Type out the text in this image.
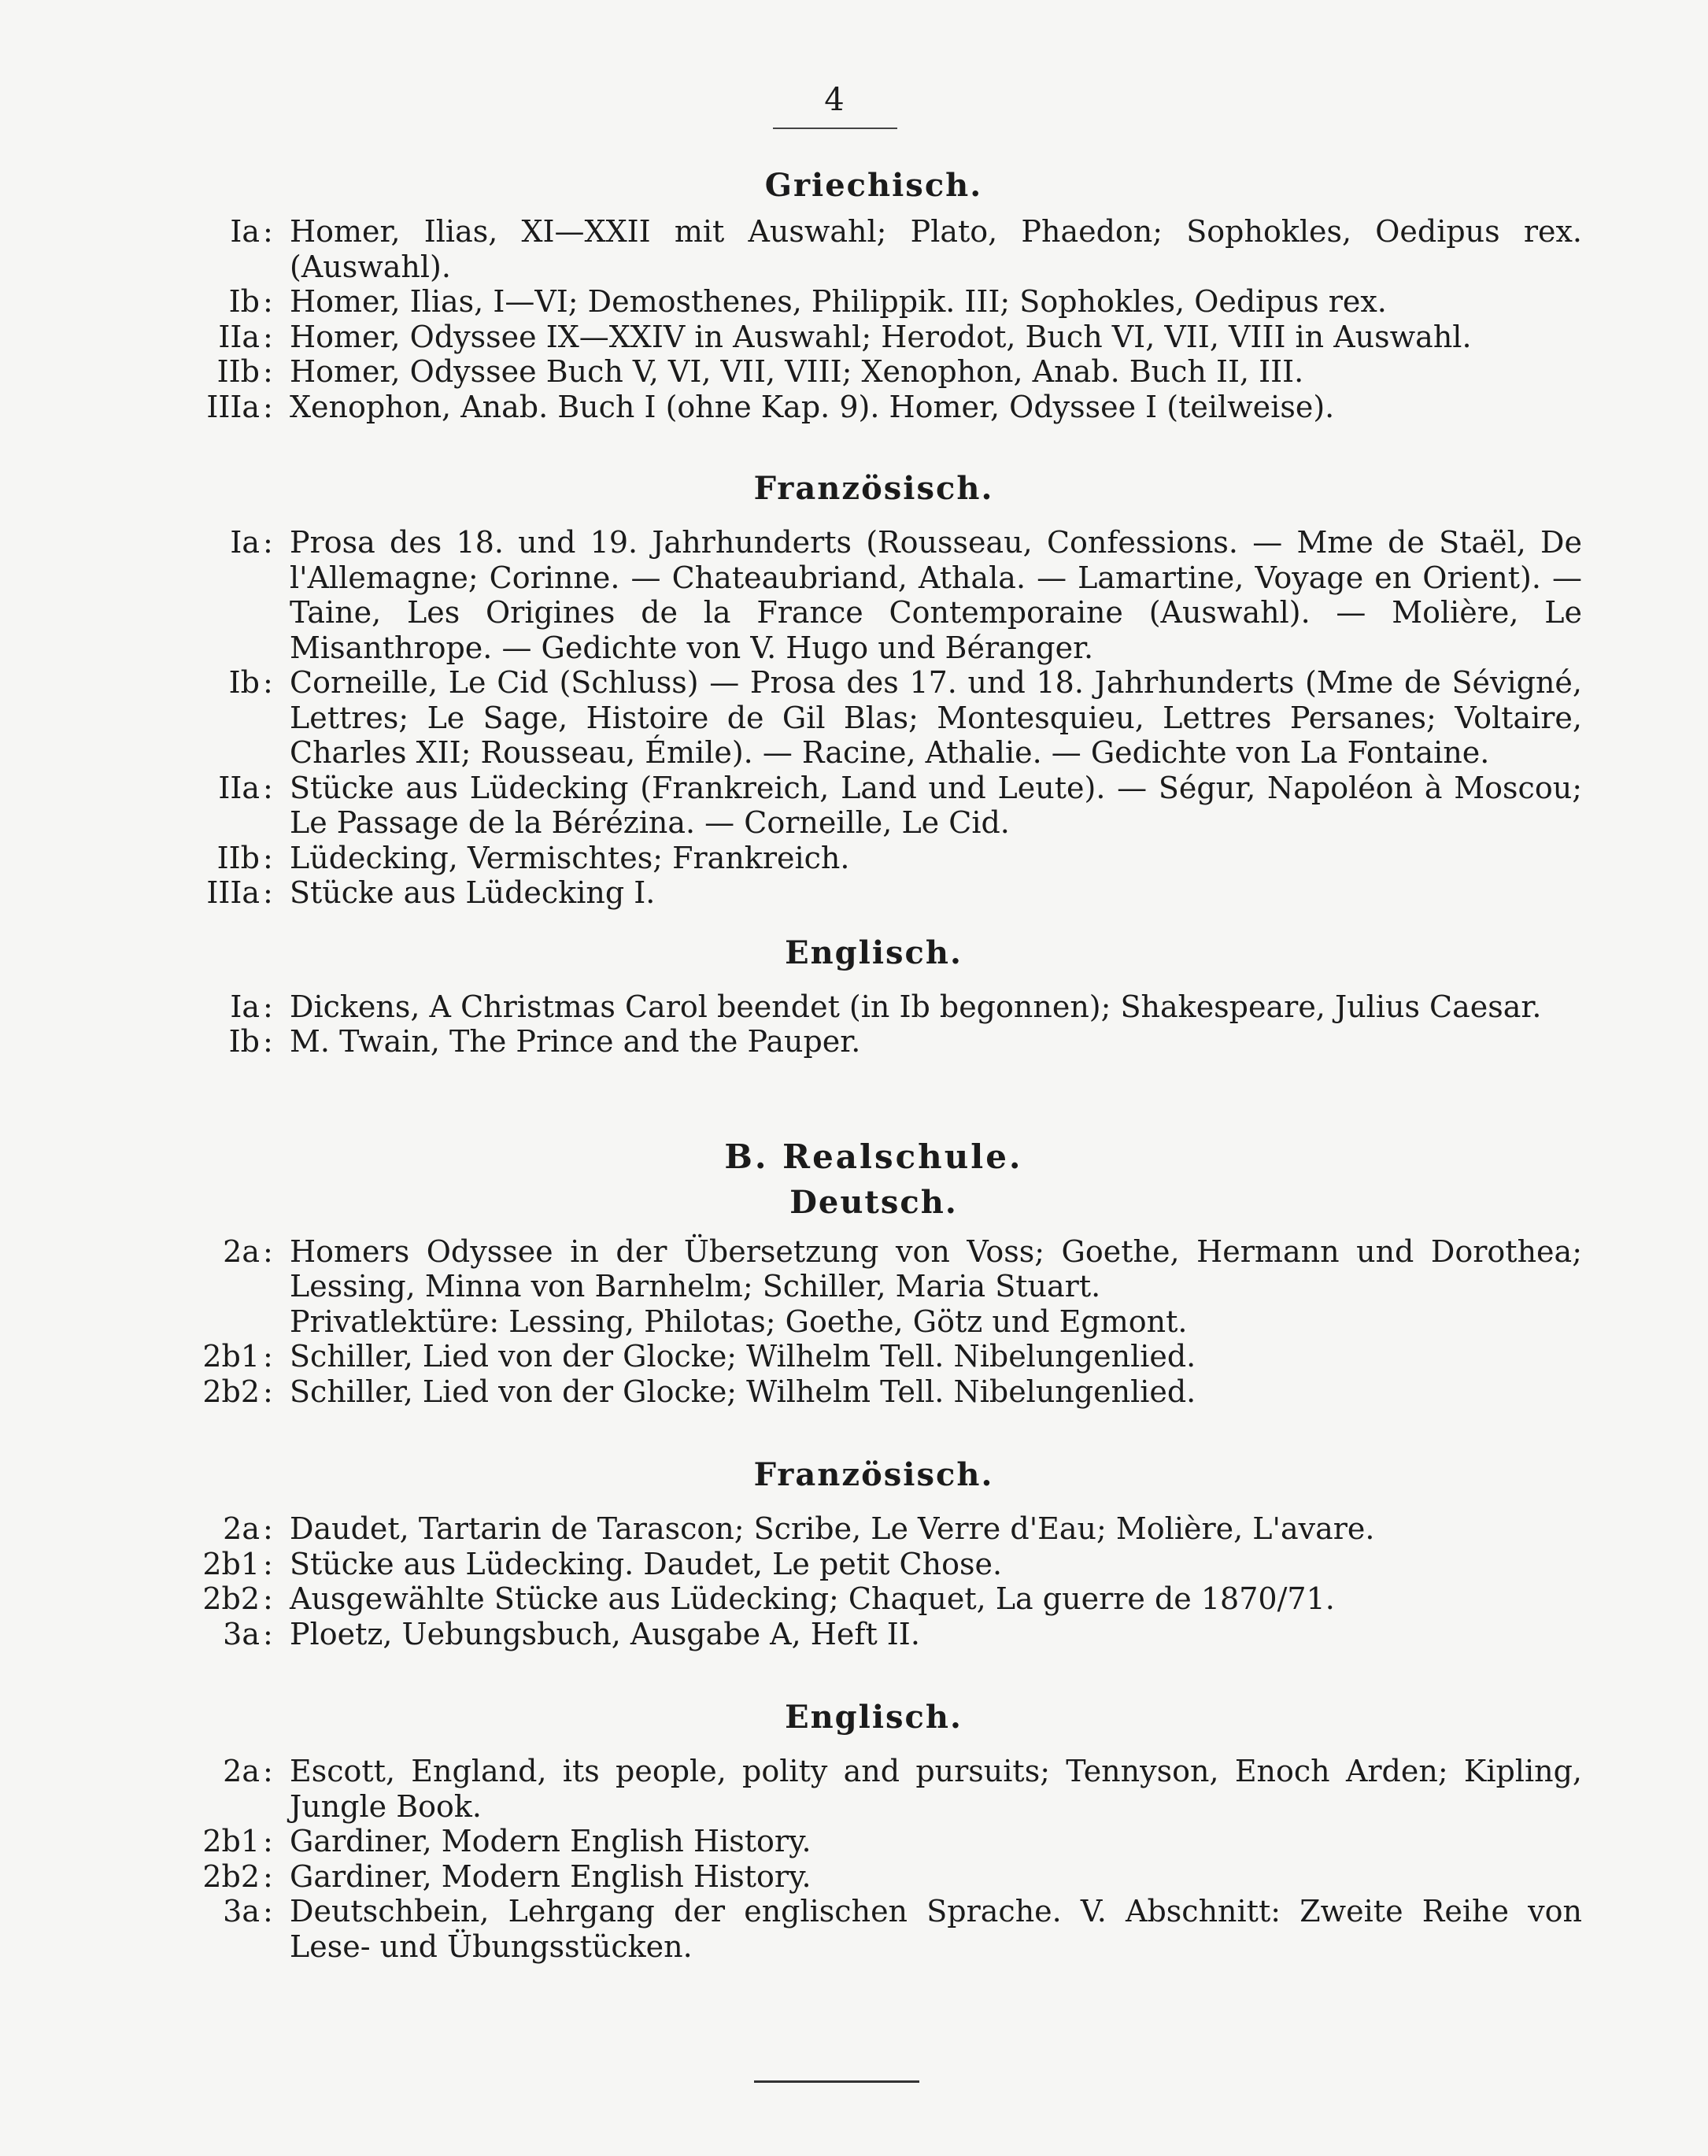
4
Griechisch.
Ia : Homer, Ilias, XI—XXII mit Auswahl; Plato, Phaedon; Sophokles, Oedipus rex. (Auswahl).
Ib : Homer, Ilias, I—VI; Demosthenes, Philippik. III; Sophokles, Oedipus rex.
IIa : Homer, Odyssee IX—XXIV in Auswahl; Herodot, Buch VI, VII, VIII in Auswahl.
IIb : Homer, Odyssee Buch V, VI, VII, VIII; Xenophon, Anab. Buch II, III.
IIIa : Xenophon, Anab. Buch I (ohne Kap. 9). Homer, Odyssee I (teilweise).
Französisch.
Ia : Prosa des 18. und 19. Jahrhunderts (Rousseau, Confessions. — Mme de Staël, De l'Allemagne; Corinne. — Chateaubriand, Athala. — Lamartine, Voyage en Orient). — Taine, Les Origines de la France Contemporaine (Auswahl). — Molière, Le Misanthrope. — Gedichte von V. Hugo und Béranger.
Ib : Corneille, Le Cid (Schluss) — Prosa des 17. und 18. Jahrhunderts (Mme de Sévigné, Lettres; Le Sage, Histoire de Gil Blas; Montesquieu, Lettres Persanes; Voltaire, Charles XII; Rousseau, Émile). — Racine, Athalie. — Gedichte von La Fontaine.
IIa : Stücke aus Lüdecking (Frankreich, Land und Leute). — Ségur, Napoléon à Moscou; Le Passage de la Bérézina. — Corneille, Le Cid.
IIb : Lüdecking, Vermischtes; Frankreich.
IIIa : Stücke aus Lüdecking I.
Englisch.
Ia : Dickens, A Christmas Carol beendet (in Ib begonnen); Shakespeare, Julius Caesar.
Ib : M. Twain, The Prince and the Pauper.
B. Realschule.
Deutsch.
2a : Homers Odyssee in der Übersetzung von Voss; Goethe, Hermann und Dorothea; Lessing, Minna von Barnhelm; Schiller, Maria Stuart.
Privatlektüre: Lessing, Philotas; Goethe, Götz und Egmont.
2b1 : Schiller, Lied von der Glocke; Wilhelm Tell. Nibelungenlied.
2b2 : Schiller, Lied von der Glocke; Wilhelm Tell. Nibelungenlied.
Französisch.
2a : Daudet, Tartarin de Tarascon; Scribe, Le Verre d'Eau; Molière, L'avare.
2b1 : Stücke aus Lüdecking. Daudet, Le petit Chose.
2b2 : Ausgewählte Stücke aus Lüdecking; Chaquet, La guerre de 1870/71.
3a : Ploetz, Uebungsbuch, Ausgabe A, Heft II.
Englisch.
2a : Escott, England, its people, polity and pursuits; Tennyson, Enoch Arden; Kipling, Jungle Book.
2b1 : Gardiner, Modern English History.
2b2 : Gardiner, Modern English History.
3a : Deutschbein, Lehrgang der englischen Sprache. V. Abschnitt: Zweite Reihe von Lese- und Übungsstücken.
